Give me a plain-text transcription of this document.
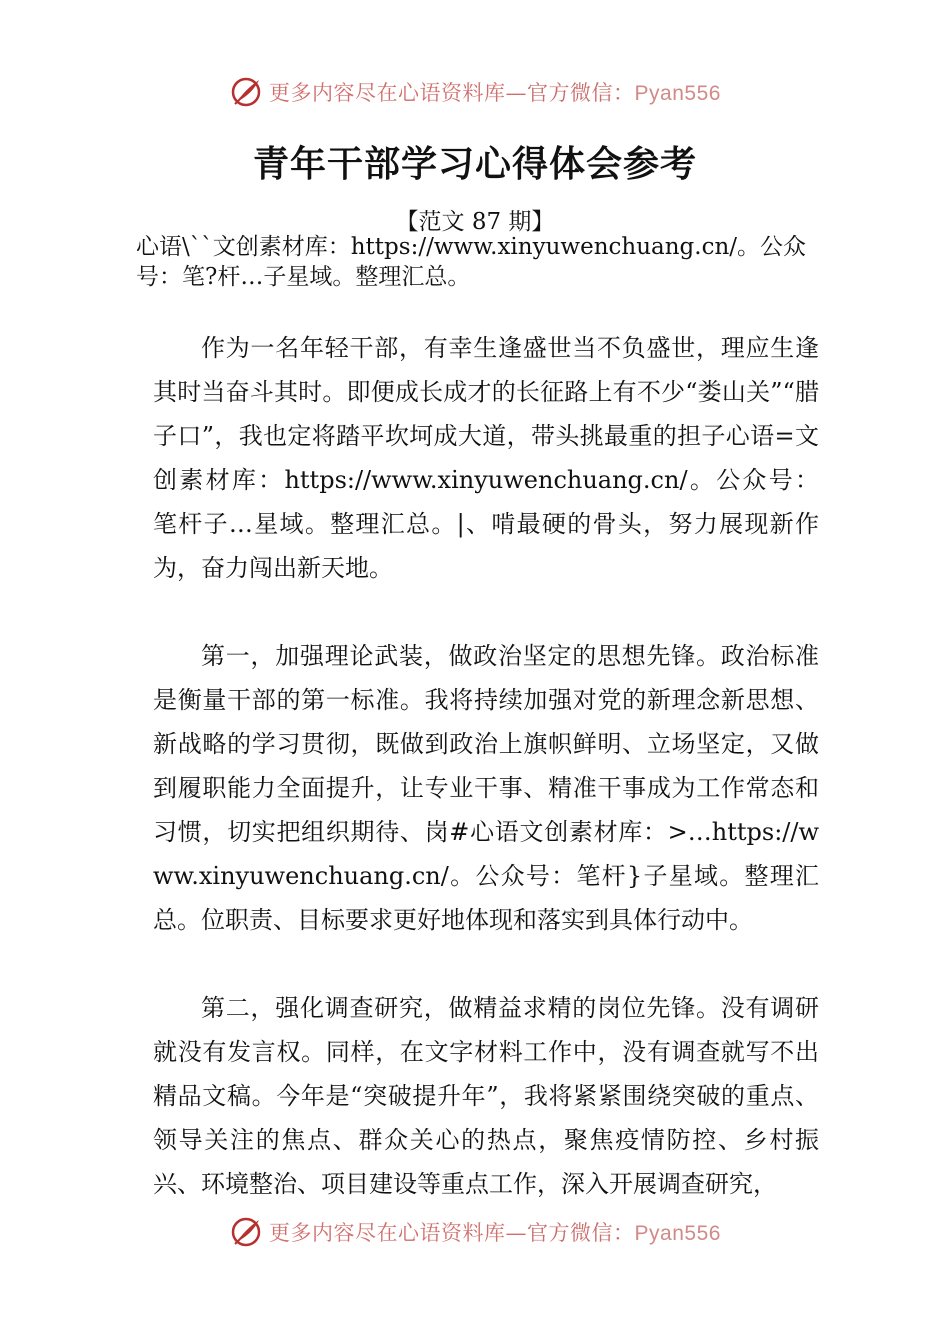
更多内容尽在心语资料库—官方微信：Pyan556
青年干部学习心得体会参考
【范文 87 期】
心语\``文创素材库：https://www.xinyuwenchuang.cn/。公众号：笔?杆…子星域。整理汇总。
作为一名年轻干部，有幸生逢盛世当不负盛世，理应生逢其时当奋斗其时。即便成长成才的长征路上有不少“娄山关”“腊子口”，我也定将踏平坎坷成大道，带头挑最重的担子心语=文创素材库：https://www.xinyuwenchuang.cn/。公众号：笔杆子…星域。整理汇总。|、啃最硬的骨头，努力展现新作为，奋力闯出新天地。
第一，加强理论武装，做政治坚定的思想先锋。政治标准是衡量干部的第一标准。我将持续加强对党的新理念新思想、新战略的学习贯彻，既做到政治上旗帜鲜明、立场坚定，又做到履职能力全面提升，让专业干事、精准干事成为工作常态和习惯，切实把组织期待、岗#心语文创素材库：>…https://www.xinyuwenchuang.cn/。公众号：笔杆}子星域。整理汇总。位职责、目标要求更好地体现和落实到具体行动中。
第二，强化调查研究，做精益求精的岗位先锋。没有调研就没有发言权。同样，在文字材料工作中，没有调查就写不出精品文稿。今年是“突破提升年”，我将紧紧围绕突破的重点、领导关注的焦点、群众关心的热点，聚焦疫情防控、乡村振兴、环境整治、项目建设等重点工作，深入开展调查研究，
更多内容尽在心语资料库—官方微信：Pyan556
